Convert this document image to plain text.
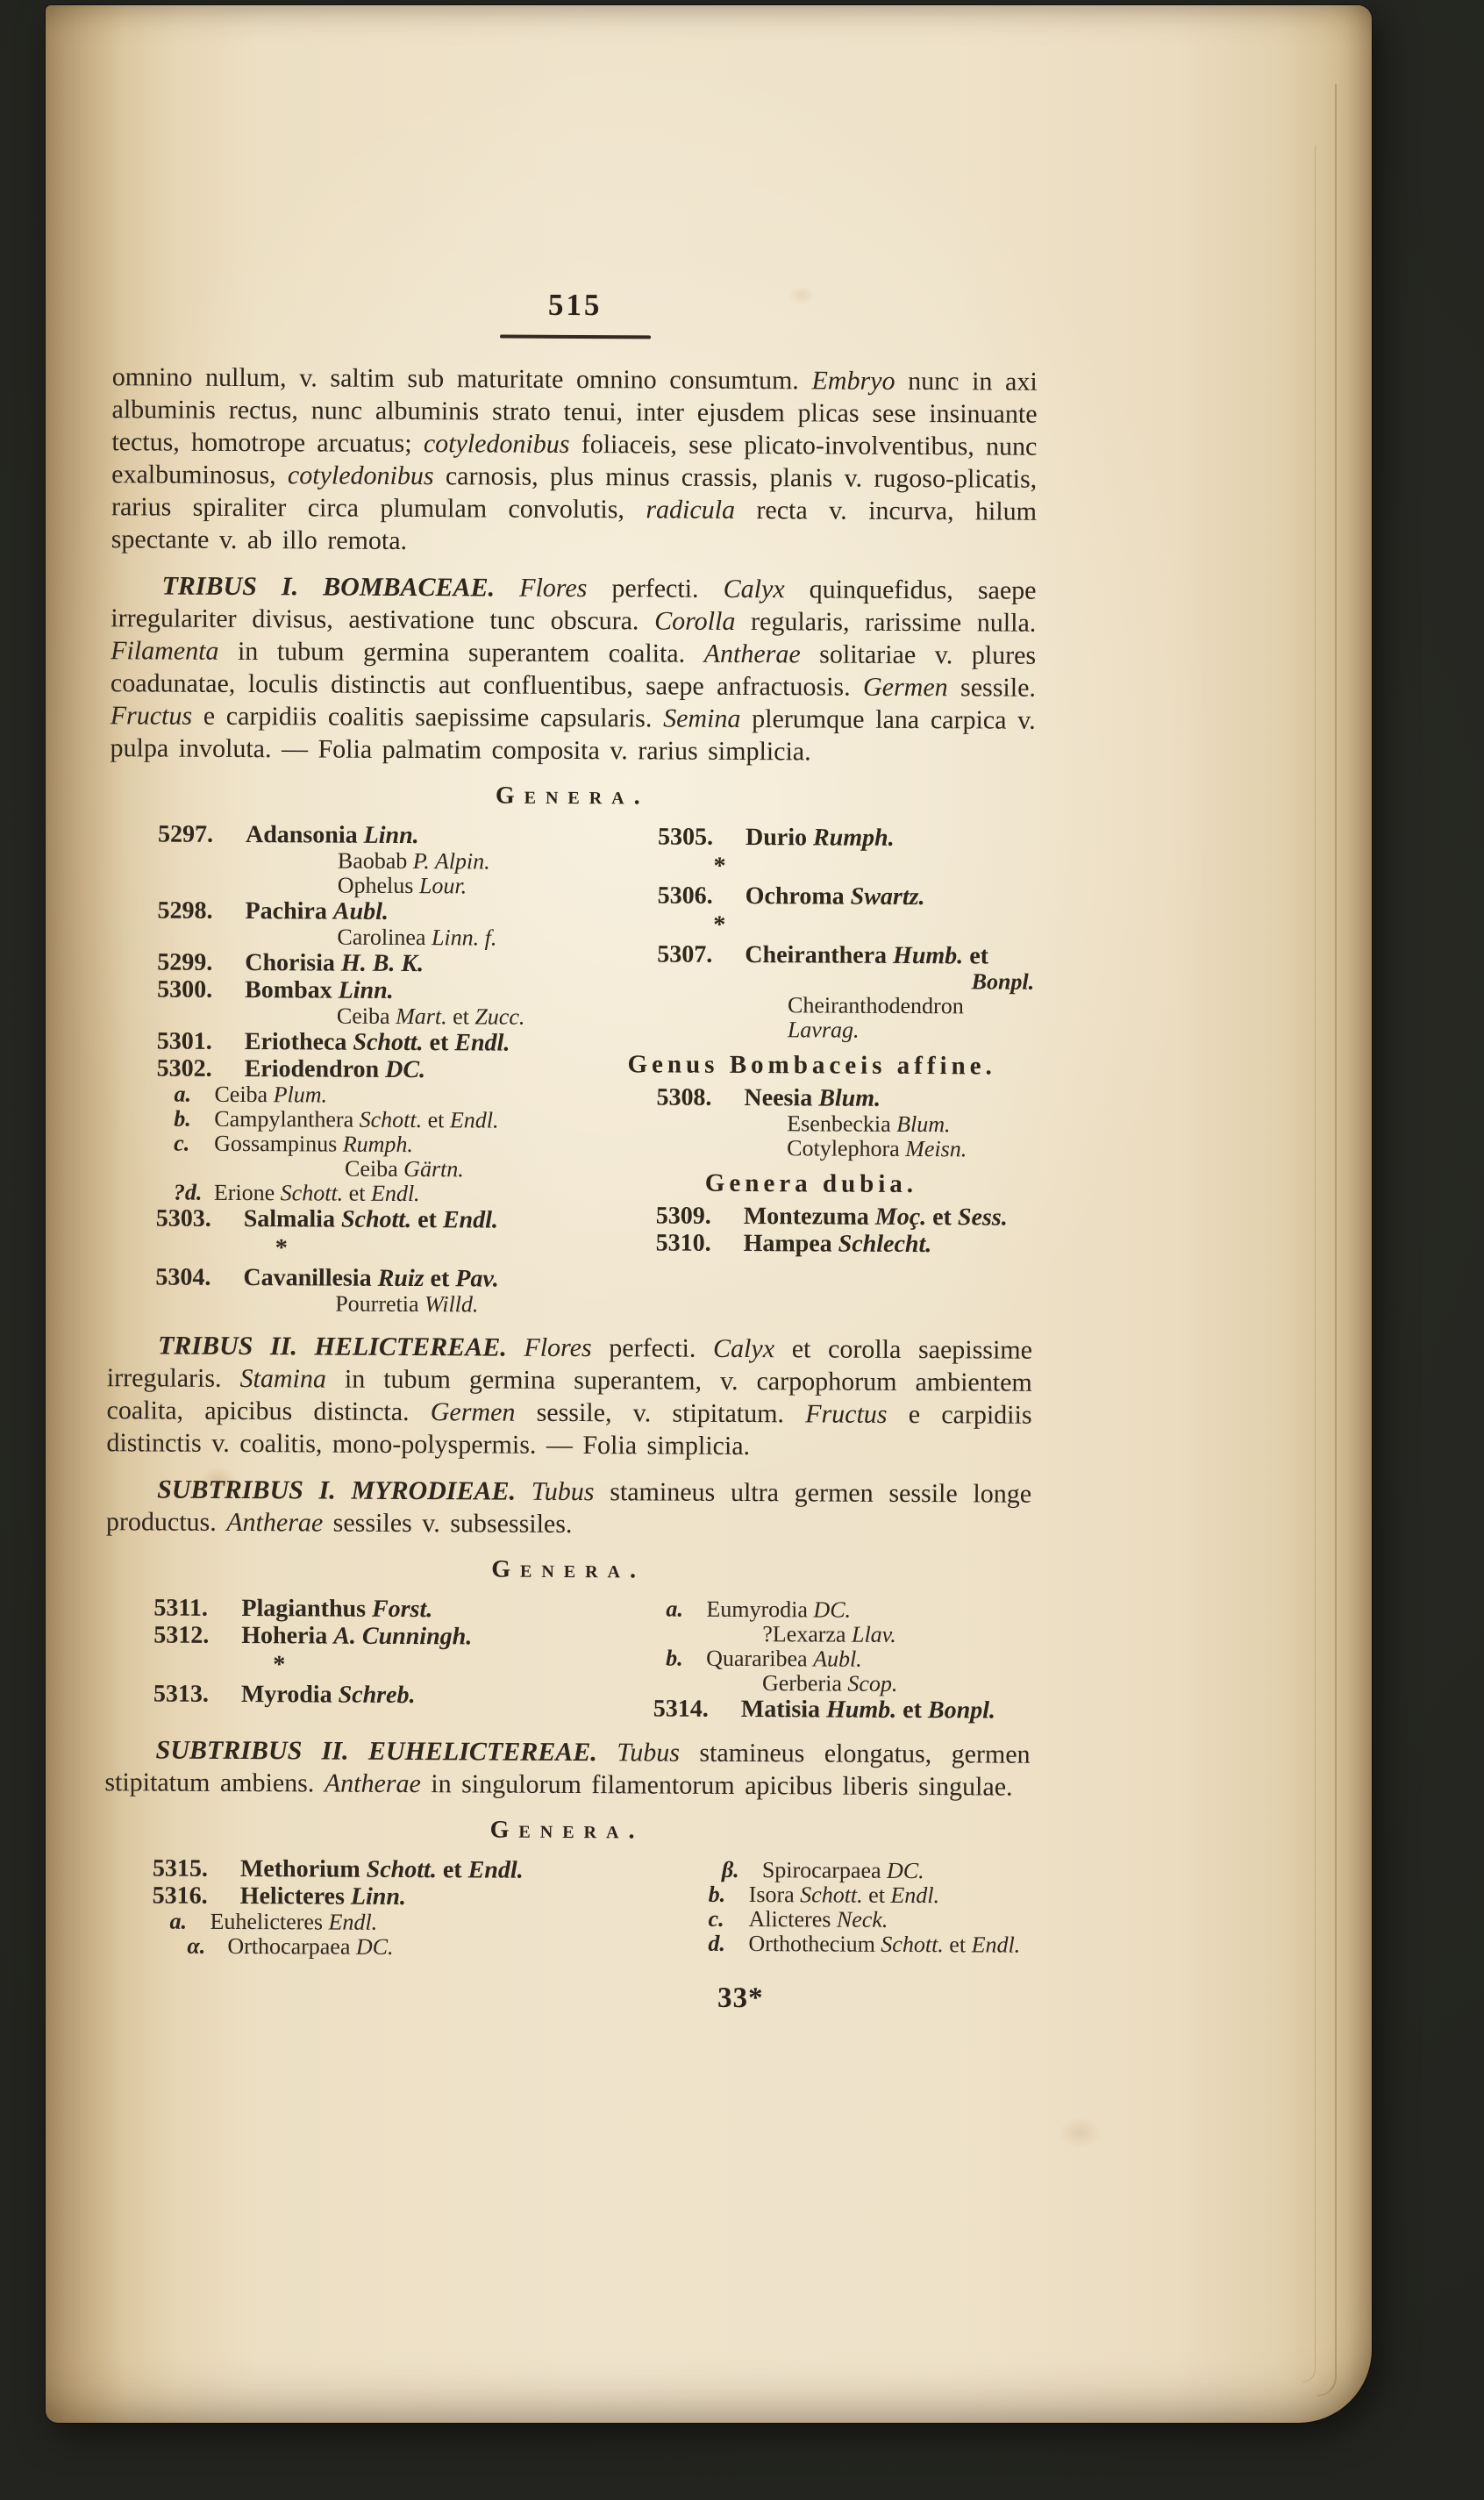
515
omnino nullum, v. saltim sub maturitate omnino consumtum. Embryo nunc in axi albuminis rectus, nunc albuminis strato tenui, inter ejusdem plicas sese insinuante tectus, homotrope arcuatus; cotyledonibus foliaceis, sese plicato-involventibus, nunc exalbuminosus, cotyledonibus carnosis, plus minus crassis, planis v. rugoso-plicatis, rarius spiraliter circa plumulam convolutis, radicula recta v. incurva, hilum spectante v. ab illo remota.
TRIBUS I. BOMBACEAE. Flores perfecti. Calyx quinquefidus, saepe irregulariter divisus, aestivatione tunc obscura. Corolla regularis, rarissime nulla. Filamenta in tubum germina superantem coalita. Antherae solitariae v. plures coadunatae, loculis distinctis aut confluentibus, saepe anfractuosis. Germen sessile. Fructus e carpidiis coalitis saepissime capsularis. Semina plerumque lana carpica v. pulpa involuta. — Folia palmatim composita v. rarius simplicia.
Genera.
5297. Adansonia Linn.
Baobab P. Alpin.
Ophelus Lour.
5298. Pachira Aubl.
Carolinea Linn. f.
5299. Chorisia H. B. K.
5300. Bombax Linn.
Ceiba Mart. et Zucc.
5301. Eriotheca Schott. et Endl.
5302. Eriodendron DC.
a. Ceiba Plum.
b. Campylanthera Schott. et Endl.
c. Gossampinus Rumph.
Ceiba Gärtn.
?d. Erione Schott. et Endl.
5303. Salmalia Schott. et Endl.
*
5304. Cavanillesia Ruiz et Pav.
Pourretia Willd.
5305. Durio Rumph.
*
5306. Ochroma Swartz.
*
5307. Cheiranthera Humb. et
Bonpl.
Cheiranthodendron Lavrag.
Genus Bombaceis affine.
5308. Neesia Blum.
Esenbeckia Blum.
Cotylephora Meisn.
Genera dubia.
5309. Montezuma Moç. et Sess.
5310. Hampea Schlecht.
TRIBUS II. HELICTEREAE. Flores perfecti. Calyx et corolla saepissime irregularis. Stamina in tubum germina superantem, v. carpophorum ambientem coalita, apicibus distincta. Germen sessile, v. stipitatum. Fructus e carpidiis distinctis v. coalitis, mono-polyspermis. — Folia simplicia.
SUBTRIBUS I. MYRODIEAE. Tubus stamineus ultra germen sessile longe productus. Antherae sessiles v. subsessiles.
Genera.
5311. Plagianthus Forst.
5312. Hoheria A. Cunningh.
*
5313. Myrodia Schreb.
a. Eumyrodia DC.
?Lexarza Llav.
b. Quararibea Aubl.
Gerberia Scop.
5314. Matisia Humb. et Bonpl.
SUBTRIBUS II. EUHELICTEREAE. Tubus stamineus elongatus, germen stipitatum ambiens. Antherae in singulorum filamentorum apicibus liberis singulae.
Genera.
5315. Methorium Schott. et Endl.
5316. Helicteres Linn.
a. Euhelicteres Endl.
α. Orthocarpaea DC.
β. Spirocarpaea DC.
b. Isora Schott. et Endl.
c. Alicteres Neck.
d. Orthothecium Schott. et Endl.
33*
